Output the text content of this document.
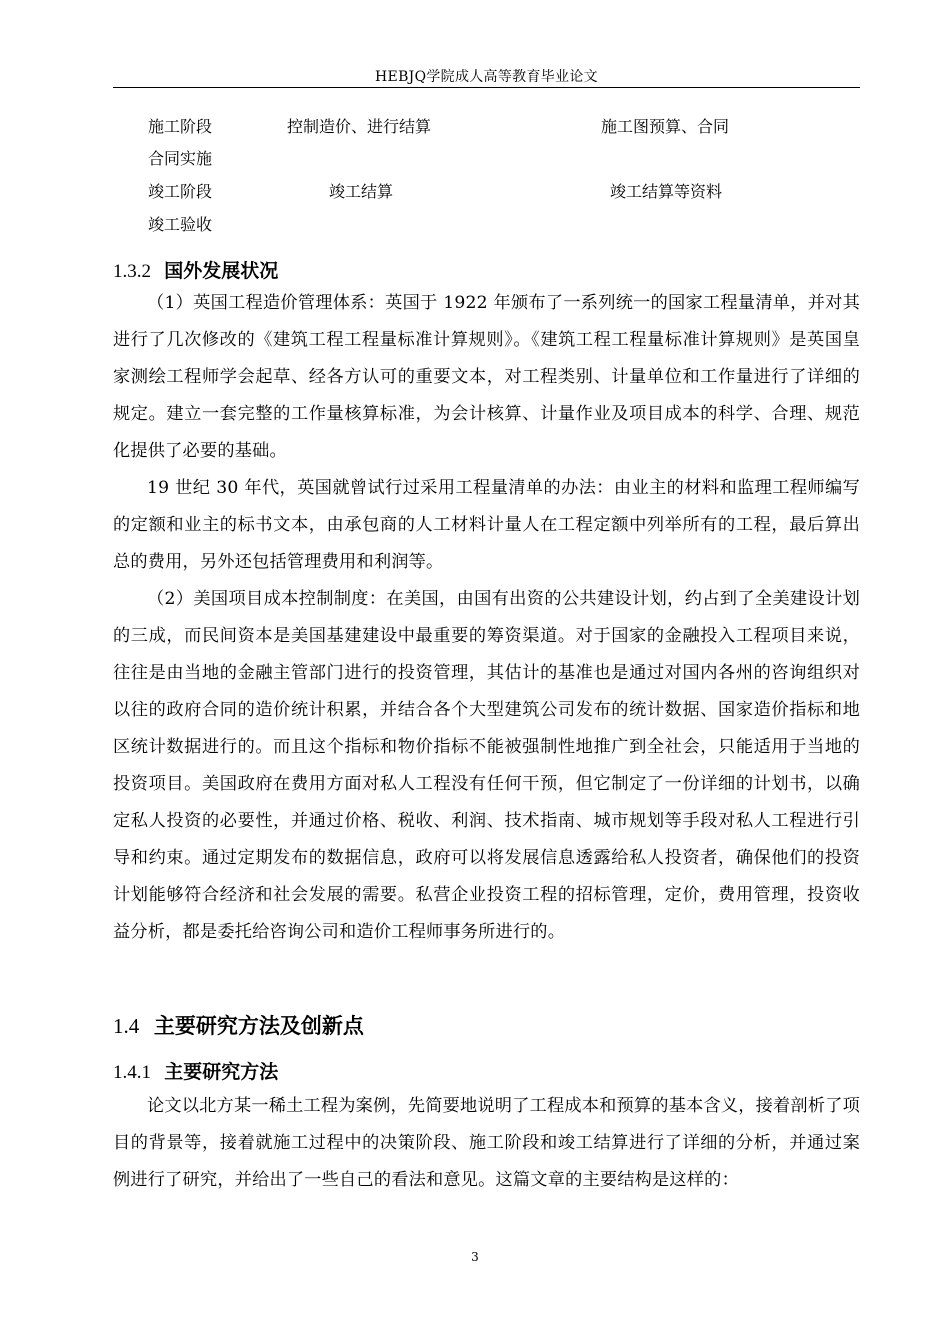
HEBJQ学院成人高等教育毕业论文
施工阶段	控制造价、进行结算	施工图预算、合同
合同实施
竣工阶段	竣工结算	竣工结算等资料
竣工验收
1.3.2 国外发展状况

（1）英国工程造价管理体系：英国于 1922 年颁布了一系列统一的国家工程量清单，并对其进行了几次修改的《建筑工程工程量标准计算规则》。《建筑工程工程量标准计算规则》是英国皇家测绘工程师学会起草、经各方认可的重要文本，对工程类别、计量单位和工作量进行了详细的规定。建立一套完整的工作量核算标准，为会计核算、计量作业及项目成本的科学、合理、规范化提供了必要的基础。

19 世纪 30 年代，英国就曾试行过采用工程量清单的办法：由业主的材料和监理工程师编写的定额和业主的标书文本，由承包商的人工材料计量人在工程定额中列举所有的工程，最后算出总的费用，另外还包括管理费用和利润等。

（2）美国项目成本控制制度：在美国，由国有出资的公共建设计划，约占到了全美建设计划的三成，而民间资本是美国基建建设中最重要的筹资渠道。对于国家的金融投入工程项目来说，往往是由当地的金融主管部门进行的投资管理，其估计的基准也是通过对国内各州的咨询组织对以往的政府合同的造价统计积累，并结合各个大型建筑公司发布的统计数据、国家造价指标和地区统计数据进行的。而且这个指标和物价指标不能被强制性地推广到全社会，只能适用于当地的投资项目。美国政府在费用方面对私人工程没有任何干预，但它制定了一份详细的计划书，以确定私人投资的必要性，并通过价格、税收、利润、技术指南、城市规划等手段对私人工程进行引导和约束。通过定期发布的数据信息，政府可以将发展信息透露给私人投资者，确保他们的投资计划能够符合经济和社会发展的需要。私营企业投资工程的招标管理，定价，费用管理，投资收益分析，都是委托给咨询公司和造价工程师事务所进行的。

1.4 主要研究方法及创新点
1.4.1 主要研究方法

论文以北方某一稀土工程为案例，先简要地说明了工程成本和预算的基本含义，接着剖析了项目的背景等，接着就施工过程中的决策阶段、施工阶段和竣工结算进行了详细的分析，并通过案例进行了研究，并给出了一些自己的看法和意见。这篇文章的主要结构是这样的：

3
